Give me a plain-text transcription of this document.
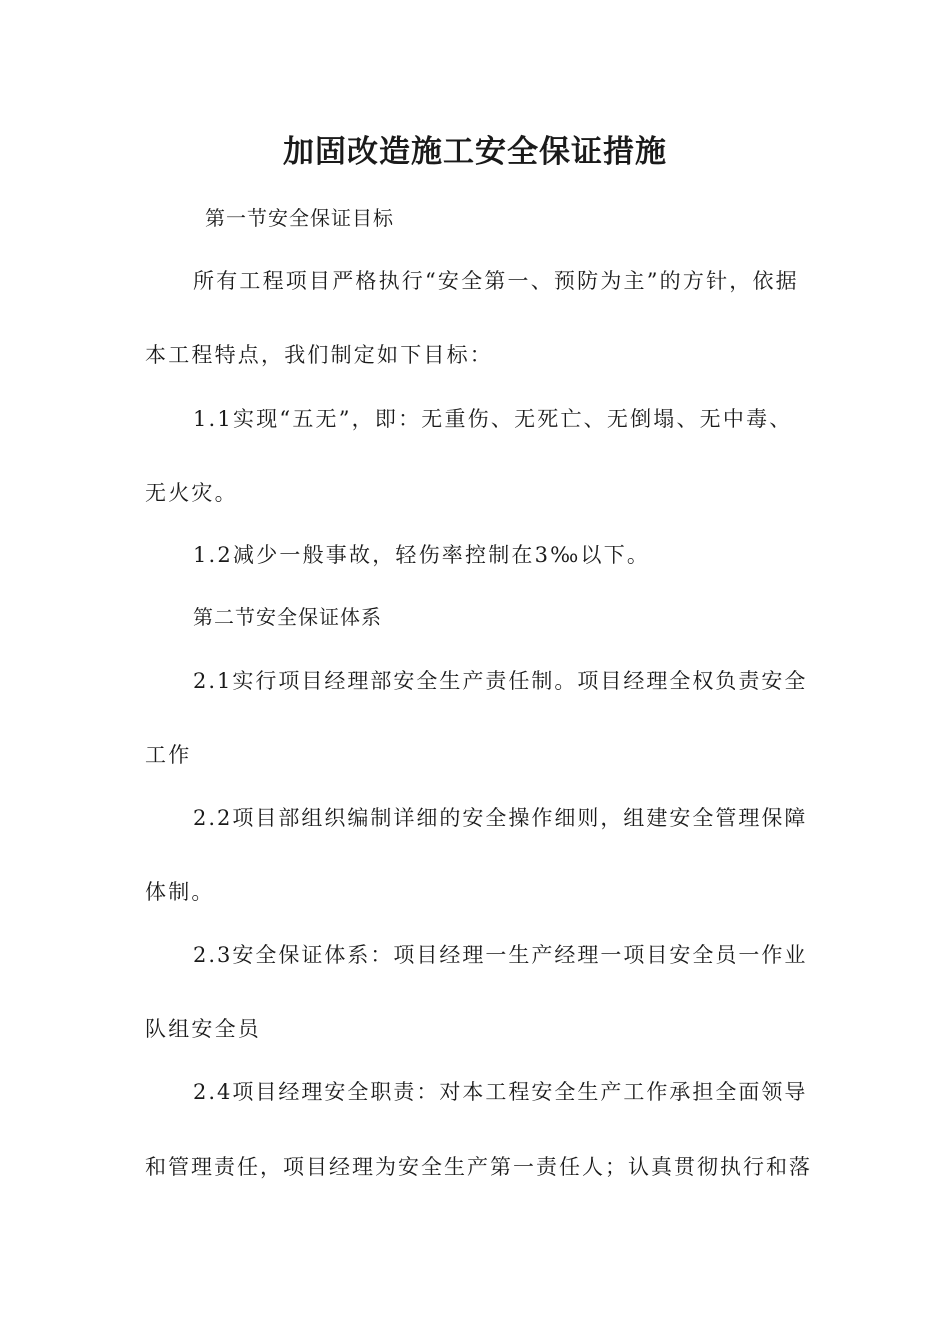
加固改造施工安全保证措施
第一节安全保证目标
所有工程项目严格执行“安全第一、预防为主”的方针，依据
本工程特点，我们制定如下目标：
1.1实现“五无”，即：无重伤、无死亡、无倒塌、无中毒、
无火灾。
1.2减少一般事故，轻伤率控制在3‰以下。
第二节安全保证体系
2.1实行项目经理部安全生产责任制。项目经理全权负责安全
工作
2.2项目部组织编制详细的安全操作细则，组建安全管理保障
体制。
2.3安全保证体系：项目经理一生产经理一项目安全员一作业
队组安全员
2.4项目经理安全职责：对本工程安全生产工作承担全面领导
和管理责任，项目经理为安全生产第一责任人；认真贯彻执行和落
